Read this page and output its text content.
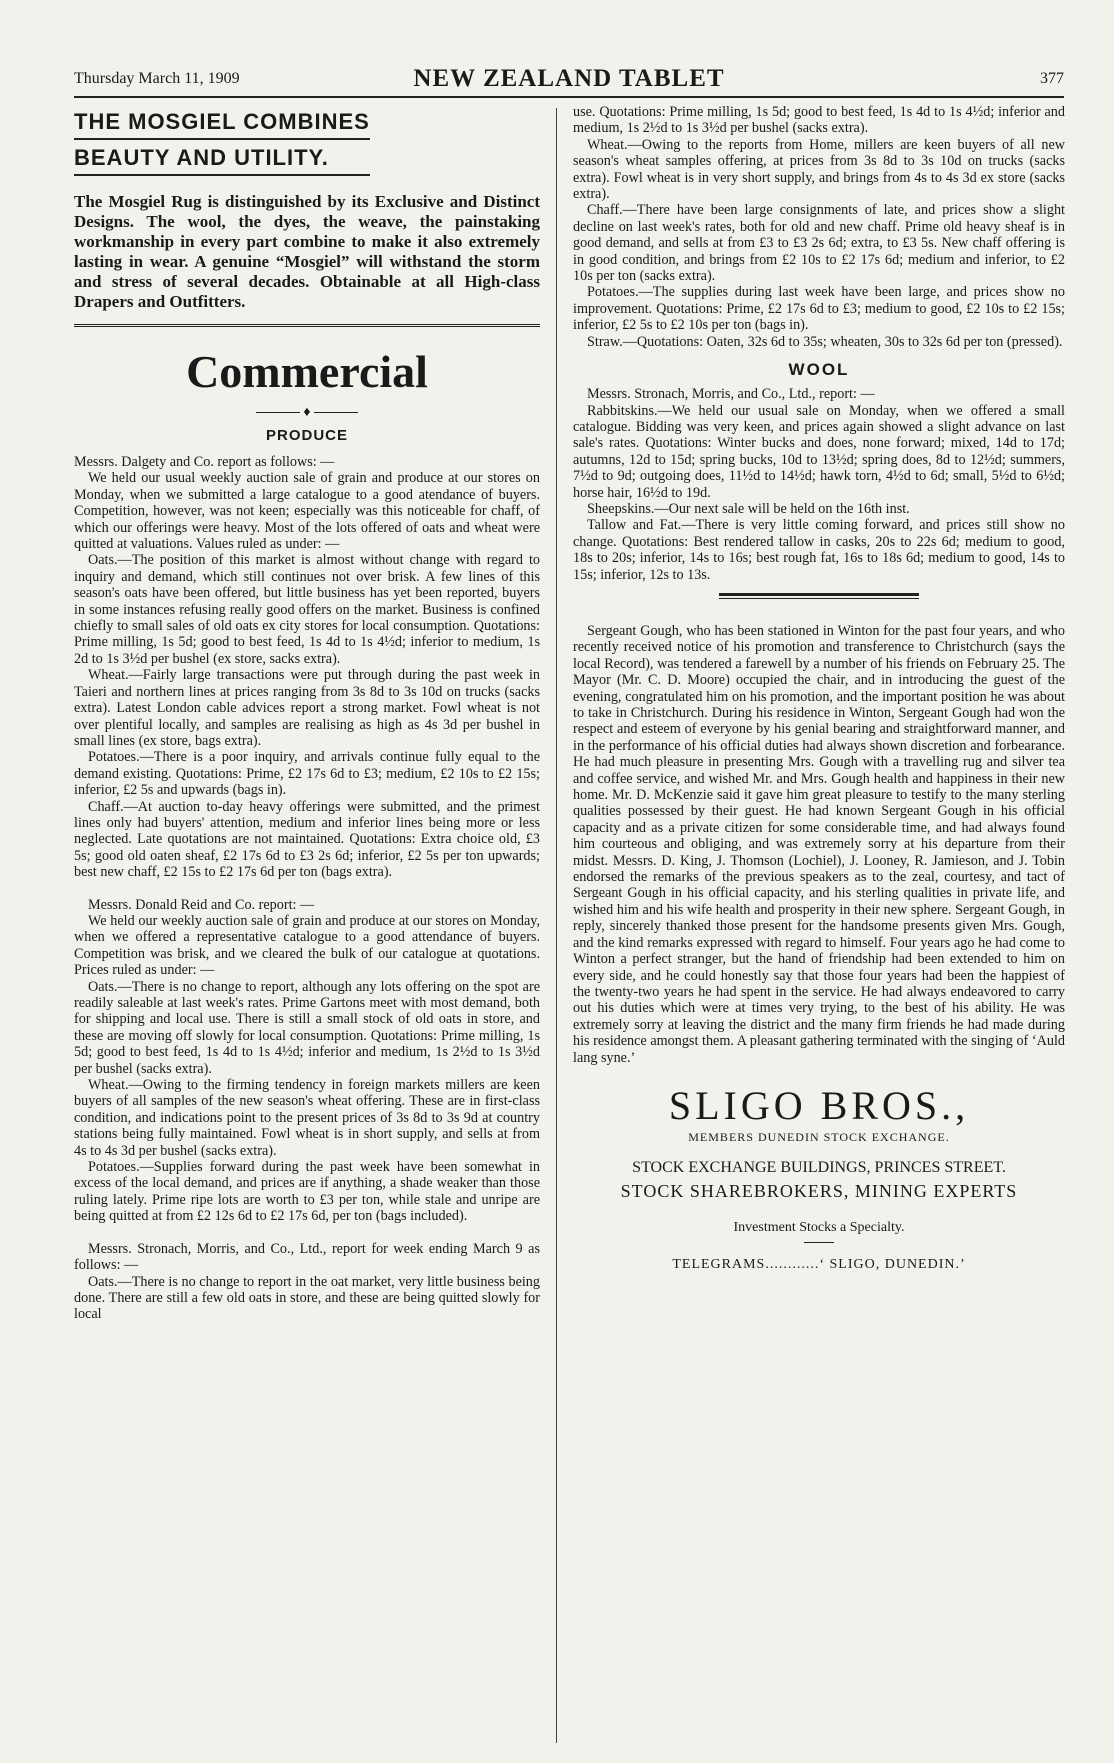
Thursday March 11, 1909	NEW ZEALAND TABLET	377
THE MOSGIEL COMBINES
BEAUTY AND UTILITY.

The Mosgiel Rug is distinguished by its Exclusive and Distinct Designs. The wool, the dyes, the weave, the painstaking workmanship in every part combine to make it also extremely lasting in wear. A genuine “Mosgiel” will withstand the storm and stress of several decades. Obtainable at all High-class Drapers and Outfitters.

Commercial
♦
PRODUCE

Messrs. Dalgety and Co. report as follows: —

We held our usual weekly auction sale of grain and produce at our stores on Monday, when we submitted a large catalogue to a good atendance of buyers. Competition, however, was not keen; especially was this noticeable for chaff, of which our offerings were heavy. Most of the lots offered of oats and wheat were quitted at valuations. Values ruled as under: —

Oats.—The position of this market is almost without change with regard to inquiry and demand, which still continues not over brisk. A few lines of this season's oats have been offered, but little business has yet been reported, buyers in some instances refusing really good offers on the market. Business is confined chiefly to small sales of old oats ex city stores for local consumption. Quotations: Prime milling, 1s 5d; good to best feed, 1s 4d to 1s 4½d; inferior to medium, 1s 2d to 1s 3½d per bushel (ex store, sacks extra).

Wheat.—Fairly large transactions were put through during the past week in Taieri and northern lines at prices ranging from 3s 8d to 3s 10d on trucks (sacks extra). Latest London cable advices report a strong market. Fowl wheat is not over plentiful locally, and samples are realising as high as 4s 3d per bushel in small lines (ex store, bags extra).

Potatoes.—There is a poor inquiry, and arrivals continue fully equal to the demand existing. Quotations: Prime, £2 17s 6d to £3; medium, £2 10s to £2 15s; inferior, £2 5s and upwards (bags in).

Chaff.—At auction to-day heavy offerings were submitted, and the primest lines only had buyers' attention, medium and inferior lines being more or less neglected. Late quotations are not maintained. Quotations: Extra choice old, £3 5s; good old oaten sheaf, £2 17s 6d to £3 2s 6d; inferior, £2 5s per ton upwards; best new chaff, £2 15s to £2 17s 6d per ton (bags extra).

Messrs. Donald Reid and Co. report: —

We held our weekly auction sale of grain and produce at our stores on Monday, when we offered a representative catalogue to a good attendance of buyers. Competition was brisk, and we cleared the bulk of our catalogue at quotations. Prices ruled as under: —

Oats.—There is no change to report, although any lots offering on the spot are readily saleable at last week's rates. Prime Gartons meet with most demand, both for shipping and local use. There is still a small stock of old oats in store, and these are moving off slowly for local consumption. Quotations: Prime milling, 1s 5d; good to best feed, 1s 4d to 1s 4½d; inferior and medium, 1s 2½d to 1s 3½d per bushel (sacks extra).

Wheat.—Owing to the firming tendency in foreign markets millers are keen buyers of all samples of the new season's wheat offering. These are in first-class condition, and indications point to the present prices of 3s 8d to 3s 9d at country stations being fully maintained. Fowl wheat is in short supply, and sells at from 4s to 4s 3d per bushel (sacks extra).

Potatoes.—Supplies forward during the past week have been somewhat in excess of the local demand, and prices are if anything, a shade weaker than those ruling lately. Prime ripe lots are worth to £3 per ton, while stale and unripe are being quitted at from £2 12s 6d to £2 17s 6d, per ton (bags included).

Messrs. Stronach, Morris, and Co., Ltd., report for week ending March 9 as follows: —

Oats.—There is no change to report in the oat market, very little business being done. There are still a few old oats in store, and these are being quitted slowly for local

use. Quotations: Prime milling, 1s 5d; good to best feed, 1s 4d to 1s 4½d; inferior and medium, 1s 2½d to 1s 3½d per bushel (sacks extra).

Wheat.—Owing to the reports from Home, millers are keen buyers of all new season's wheat samples offering, at prices from 3s 8d to 3s 10d on trucks (sacks extra). Fowl wheat is in very short supply, and brings from 4s to 4s 3d ex store (sacks extra).

Chaff.—There have been large consignments of late, and prices show a slight decline on last week's rates, both for old and new chaff. Prime old heavy sheaf is in good demand, and sells at from £3 to £3 2s 6d; extra, to £3 5s. New chaff offering is in good condition, and brings from £2 10s to £2 17s 6d; medium and inferior, to £2 10s per ton (sacks extra).

Potatoes.—The supplies during last week have been large, and prices show no improvement. Quotations: Prime, £2 17s 6d to £3; medium to good, £2 10s to £2 15s; inferior, £2 5s to £2 10s per ton (bags in).

Straw.—Quotations: Oaten, 32s 6d to 35s; wheaten, 30s to 32s 6d per ton (pressed).

WOOL

Messrs. Stronach, Morris, and Co., Ltd., report: —

Rabbitskins.—We held our usual sale on Monday, when we offered a small catalogue. Bidding was very keen, and prices again showed a slight advance on last sale's rates. Quotations: Winter bucks and does, none forward; mixed, 14d to 17d; autumns, 12d to 15d; spring bucks, 10d to 13½d; spring does, 8d to 12½d; summers, 7½d to 9d; outgoing does, 11½d to 14½d; hawk torn, 4½d to 6d; small, 5½d to 6½d; horse hair, 16½d to 19d.

Sheepskins.—Our next sale will be held on the 16th inst.

Tallow and Fat.—There is very little coming forward, and prices still show no change. Quotations: Best rendered tallow in casks, 20s to 22s 6d; medium to good, 18s to 20s; inferior, 14s to 16s; best rough fat, 16s to 18s 6d; medium to good, 14s to 15s; inferior, 12s to 13s.

Sergeant Gough, who has been stationed in Winton for the past four years, and who recently received notice of his promotion and transference to Christchurch (says the local Record), was tendered a farewell by a number of his friends on February 25. The Mayor (Mr. C. D. Moore) occupied the chair, and in introducing the guest of the evening, congratulated him on his promotion, and the important position he was about to take in Christchurch. During his residence in Winton, Sergeant Gough had won the respect and esteem of everyone by his genial bearing and straightforward manner, and in the performance of his official duties had always shown discretion and forbearance. He had much pleasure in presenting Mrs. Gough with a travelling rug and silver tea and coffee service, and wished Mr. and Mrs. Gough health and happiness in their new home. Mr. D. McKenzie said it gave him great pleasure to testify to the many sterling qualities possessed by their guest. He had known Sergeant Gough in his official capacity and as a private citizen for some considerable time, and had always found him courteous and obliging, and was extremely sorry at his departure from their midst. Messrs. D. King, J. Thomson (Lochiel), J. Looney, R. Jamieson, and J. Tobin endorsed the remarks of the previous speakers as to the zeal, courtesy, and tact of Sergeant Gough in his official capacity, and his sterling qualities in private life, and wished him and his wife health and prosperity in their new sphere. Sergeant Gough, in reply, sincerely thanked those present for the handsome presents given Mrs. Gough, and the kind remarks expressed with regard to himself. Four years ago he had come to Winton a perfect stranger, but the hand of friendship had been extended to him on every side, and he could honestly say that those four years had been the happiest of the twenty-two years he had spent in the service. He had always endeavored to carry out his duties which were at times very trying, to the best of his ability. He was extremely sorry at leaving the district and the many firm friends he had made during his residence amongst them. A pleasant gathering terminated with the singing of ‘Auld lang syne.’

SLIGO BROS.,
MEMBERS DUNEDIN STOCK EXCHANGE.
STOCK EXCHANGE BUILDINGS, PRINCES STREET.
STOCK SHAREBROKERS, MINING EXPERTS
Investment Stocks a Specialty.
TELEGRAMS............‘ SLIGO, DUNEDIN.’
